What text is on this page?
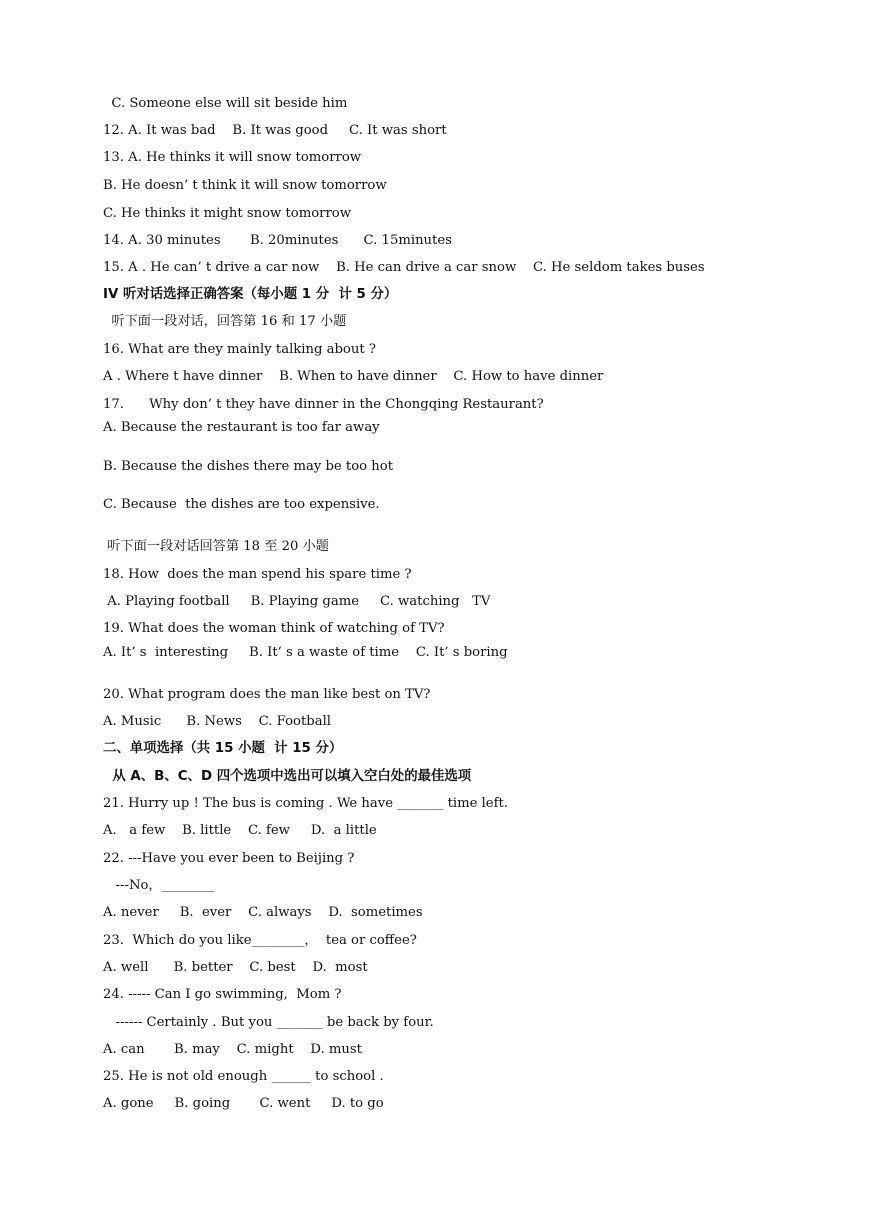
C. Someone else will sit beside him
12. A. It was bad    B. It was good     C. It was short
13. A. He thinks it will snow tomorrow
B. He doesn’ t think it will snow tomorrow
C. He thinks it might snow tomorrow
14. A. 30 minutes       B. 20minutes      C. 15minutes
15. A . He can’ t drive a car now    B. He can drive a car snow    C. He seldom takes buses
IV 听对话选择正确答案（每小题 1 分  计 5 分）
听下面一段对话，回答第 16 和 17 小题
16. What are they mainly talking about ?
A . Where t have dinner    B. When to have dinner    C. How to have dinner
17.      Why don’ t they have dinner in the Chongqing Restaurant?
A. Because the restaurant is too far away
B. Because the dishes there may be too hot
C. Because  the dishes are too expensive.
听下面一段对话回答第 18 至 20 小题
18. How  does the man spend his spare time ?
A. Playing football     B. Playing game     C. watching   TV
19. What does the woman think of watching of TV?
A. It’ s  interesting     B. It’ s a waste of time    C. It’ s boring
20. What program does the man like best on TV?
A. Music      B. News    C. Football
二、单项选择（共 15 小题  计 15 分）
从 A、B、C、D 四个选项中选出可以填入空白处的最佳选项
21. Hurry up ! The bus is coming . We have _______ time left.
A.   a few    B. little    C. few     D.  a little
22. ---Have you ever been to Beijing ?
---No，________
A. never     B.  ever    C. always    D.  sometimes
23.  Which do you like________，  tea or coffee?
A. well      B. better    C. best    D.  most
24. ----- Can I go swimming,  Mom ?
------ Certainly . But you _______ be back by four.
A. can       B. may    C. might    D. must
25. He is not old enough ______ to school .
A. gone     B. going       C. went     D. to go
